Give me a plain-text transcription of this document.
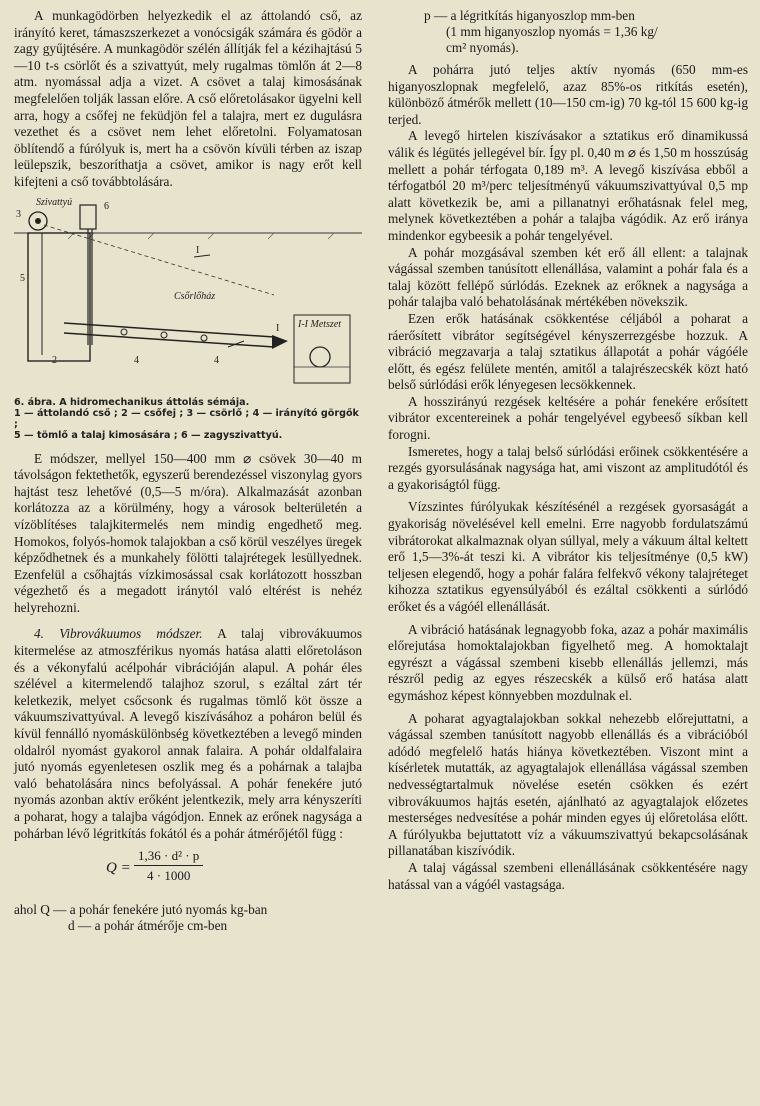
A munkagödörben helyezkedik el az áttolandó cső, az irányító keret, támaszszerkezet a vonócsigák számára és gödör a zagy gyűjtésére. A munkagödör szélén állítják fel a kézihajtású 5—10 t-s csörlőt és a szivattyút, mely rugalmas tömlőn át 2—8 atm. nyomással adja a vizet. A csövet a talaj kimosásának megfelelően tolják lassan előre. A cső előretolásakor ügyelni kell arra, hogy a csőfej ne feküdjön fel a talajra, mert ez dugulásra vezethet és a csövet nem lehet előretolni. Folyamatosan öblítendő a fúrólyuk is, mert ha a csövön kívüli térben az iszap leülepszik, beszoríthatja a csövet, amikor is nagy erőt kell kifejteni a cső továbbtolására.

Szivattyú
3
6
I
5
Csőrlőház
2	4	4
I I-I Metszet
6. ábra. A hidromechanikus áttolás sémája.
1 — áttolandó cső ; 2 — csőfej ; 3 — csörlő ; 4 — irányító görgők ;
5 — tömlő a talaj kimosására ; 6 — zagyszivattyú.

E módszer, mellyel 150—400 mm ⌀ csövek 30—40 m távolságon fektethetők, egyszerű berendezéssel viszonylag gyors hajtást tesz lehetővé (0,5—5 m/óra). Alkalmazását azonban korlátozza az a körülmény, hogy a városok belterületén a vízöblítéses talajkitermelés nem mindig engedhető meg. Homokos, folyós-homok talajokban a cső körül veszélyes üregek képződhetnek és a munkahely fölötti talajrétegek lesüllyednek. Ezenfelül a csőhajtás vízkimosással csak korlátozott hosszban végezhető és a megadott iránytól való eltérést is nehéz helyrehozni.

4. Vibrovákuumos módszer. A talaj vibrovákuumos kitermelése az atmoszférikus nyomás hatása alatti előretoláson és a vékonyfalú acélpohár vibrációján alapul. A pohár éles szélével a kitermelendő talajhoz szorul, s ezáltal zárt tér keletkezik, melyet csőcsonk és rugalmas tömlő köt össze a vákuumszivattyúval. A levegő kiszívásához a poháron belül és kívül fennálló nyomáskülönbség következtében a levegő minden oldalról nyomást gyakorol annak falaira. A pohár oldalfalaira jutó nyomás egyenletesen oszlik meg és a pohárnak a talajba való behatolására nincs befolyással. A pohár fenekére jutó nyomás azonban aktív erőként jelentkezik, mely arra kényszeríti a poharat, hogy a talajba vágódjon. Ennek az erőnek nagysága a pohárban lévő légritkítás fokától és a pohár átmérőjétől függ :

$Q = \frac{\text{1,36 · d² · p}}{4 \cdot 1000}$
ahol Q — a pohár fenekére jutó nyomás kg-ban
d — a pohár átmérője cm-ben
p — a légritkítás higanyoszlop mm-ben
(1 mm higanyoszlop nyomás = 1,36 kg/
cm² nyomás).

A pohárra jutó teljes aktív nyomás (650 mm-es higanyoszlopnak megfelelő, azaz 85%-os ritkítás esetén), különböző átmérők mellett (10—150 cm-ig) 70 kg-tól 15 600 kg-ig terjed.

A levegő hirtelen kiszívásakor a sztatikus erő dinamikussá válik és légütés jellegével bír. Így pl. 0,40 m ⌀ és 1,50 m hosszúság mellett a pohár térfogata 0,189 m³. A levegő kiszívása ebből a térfogatból 20 m³/perc teljesítményű vákuumszivattyúval 0,5 mp alatt következik be, ami a pillanatnyi erőhatásnak felel meg, melynek következtében a pohár a talajba vágódik. Az erő iránya mindenkor egybeesik a pohár tengelyével.

A pohár mozgásával szemben két erő áll ellent: a talajnak vágással szemben tanúsított ellenállása, valamint a pohár fala és a talaj között fellépő súrlódás. Ezeknek az erőknek a nagysága a pohár talajba való behatolásának mértékében növekszik.

Ezen erők hatásának csökkentése céljából a poharat a ráerősített vibrátor segítségével kényszerrezgésbe hozzuk. A vibráció megzavarja a talaj sztatikus állapotát a pohár vágóéle előtt, és egész felülete mentén, amitől a talajrészecskék közt ható belső súrlódási erők lényegesen lecsökkennek.

A hosszirányú rezgések keltésére a pohár fenekére erősített vibrátor excentereinek a pohár tengelyével egybeeső síkban kell forogni.

Ismeretes, hogy a talaj belső súrlódási erőinek csökkentésére a rezgés gyorsulásának nagysága hat, ami viszont az amplitudótól és a gyakoriságtól függ.

Vízszintes fúrólyukak készítésénél a rezgések gyorsaságát a gyakoriság növelésével kell emelni. Erre nagyobb fordulatszámú vibrátorokat alkalmaznak olyan súllyal, mely a vákuum által keltett erő 1,5—3%-át teszi ki. A vibrátor kis teljesítménye (0,5 kW) teljesen elegendő, hogy a pohár falára felfekvő vékony talajréteget kihozza sztatikus egyensúlyából és ezáltal csökkenti a súrlódó erőket és a vágóél ellenállását.

A vibráció hatásának legnagyobb foka, azaz a pohár maximális előrejutása homoktalajokban figyelhető meg. A homoktalajt egyrészt a vágással szembeni kisebb ellenállás jellemzi, más részről pedig az egyes részecskék a külső erő hatása alatt egymáshoz képest könnyebben mozdulnak el.

A poharat agyagtalajokban sokkal nehezebb előrejuttatni, a vágással szemben tanúsított nagyobb ellenállás és a vibrációból adódó megfelelő hatás hiánya következtében. Viszont mint a kísérletek mutatták, az agyagtalajok ellenállása vágással szemben nedvességtartalmuk növelése esetén csökken és ezért vibrovákuumos hajtás esetén, ajánlható az agyagtalajok előzetes mesterséges nedvesítése a pohár minden egyes új előretolása előtt. A fúrólyukba bejuttatott víz a vákuumszivattyú bekapcsolásának pillanatában kiszívódik.

A talaj vágással szembeni ellenállásának csökkentésére nagy hatással van a vágóél vastagsága.
